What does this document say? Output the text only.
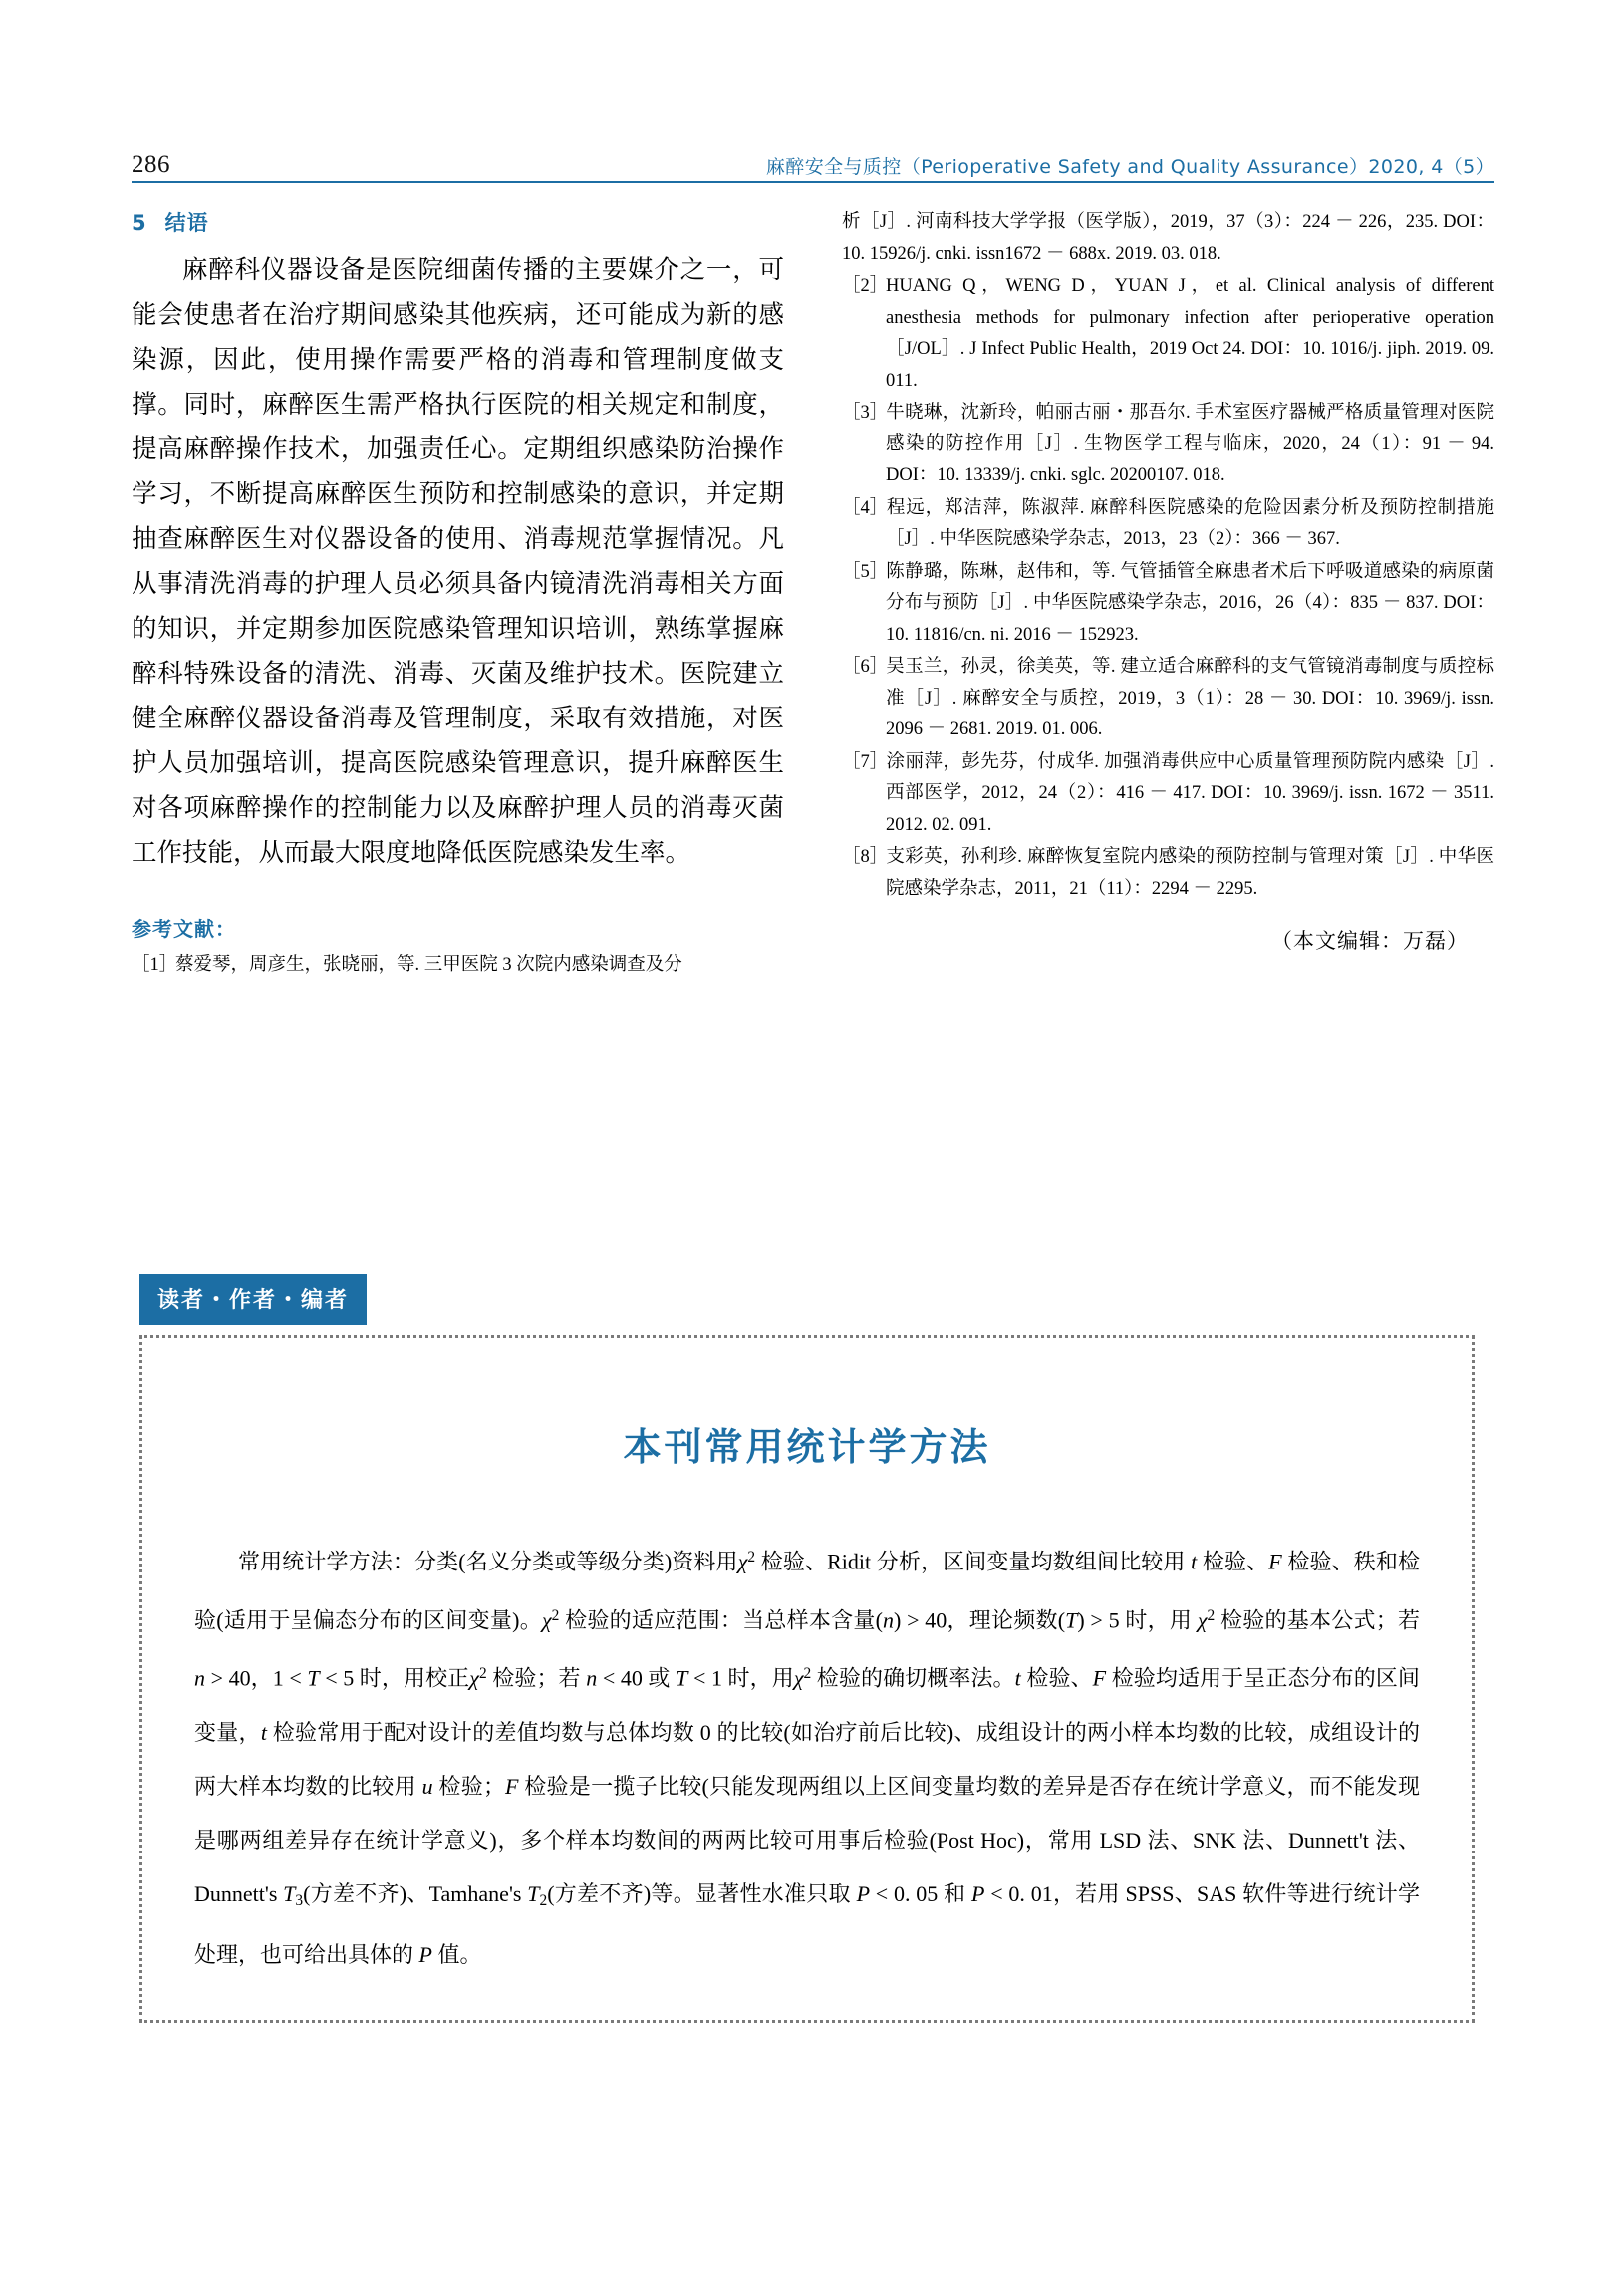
286	麻醉安全与质控（Perioperative Safety and Quality Assurance）2020, 4（5）
5 结语
麻醉科仪器设备是医院细菌传播的主要媒介之一，可能会使患者在治疗期间感染其他疾病，还可能成为新的感染源，因此，使用操作需要严格的消毒和管理制度做支撑。同时，麻醉医生需严格执行医院的相关规定和制度，提高麻醉操作技术，加强责任心。定期组织感染防治操作学习，不断提高麻醉医生预防和控制感染的意识，并定期抽查麻醉医生对仪器设备的使用、消毒规范掌握情况。凡从事清洗消毒的护理人员必须具备内镜清洗消毒相关方面的知识，并定期参加医院感染管理知识培训，熟练掌握麻醉科特殊设备的清洗、消毒、灭菌及维护技术。医院建立健全麻醉仪器设备消毒及管理制度，采取有效措施，对医护人员加强培训，提高医院感染管理意识，提升麻醉医生对各项麻醉操作的控制能力以及麻醉护理人员的消毒灭菌工作技能，从而最大限度地降低医院感染发生率。
参考文献：
［1］蔡爱琴，周彦生，张晓丽，等. 三甲医院 3 次院内感染调查及分
析［J］. 河南科技大学学报（医学版），2019，37（3）：224 － 226，235. DOI：10. 15926/j. cnki. issn1672 － 688x. 2019. 03. 018.
［2］HUANG Q，WENG D，YUAN J，et al. Clinical analysis of different anesthesia methods for pulmonary infection after perioperative operation［J/OL］. J Infect Public Health，2019 Oct 24. DOI：10. 1016/j. jiph. 2019. 09. 011.
［3］牛晓琳，沈新玲，帕丽古丽・那吾尔. 手术室医疗器械严格质量管理对医院感染的防控作用［J］. 生物医学工程与临床，2020，24（1）：91 － 94. DOI：10. 13339/j. cnki. sglc. 20200107. 018.
［4］程远，郑洁萍，陈淑萍. 麻醉科医院感染的危险因素分析及预防控制措施［J］. 中华医院感染学杂志，2013，23（2）：366 － 367.
［5］陈静璐，陈琳，赵伟和，等. 气管插管全麻患者术后下呼吸道感染的病原菌分布与预防［J］. 中华医院感染学杂志，2016，26（4）：835 － 837. DOI：10. 11816/cn. ni. 2016 － 152923.
［6］吴玉兰，孙灵，徐美英，等. 建立适合麻醉科的支气管镜消毒制度与质控标准［J］. 麻醉安全与质控，2019，3（1）：28 － 30. DOI：10. 3969/j. issn. 2096 － 2681. 2019. 01. 006.
［7］涂丽萍，彭先芬，付成华. 加强消毒供应中心质量管理预防院内感染［J］. 西部医学，2012，24（2）：416 － 417. DOI：10. 3969/j. issn. 1672 － 3511. 2012. 02. 091.
［8］支彩英，孙利珍. 麻醉恢复室院内感染的预防控制与管理对策［J］. 中华医院感染学杂志，2011，21（11）：2294 － 2295.
（本文编辑：万磊）
读者・作者・编者
本刊常用统计学方法
常用统计学方法：分类(名义分类或等级分类)资料用$\chi^2$ 检验、Ridit 分析，区间变量均数组间比较用 t 检验、F 检验、秩和检验(适用于呈偏态分布的区间变量)。$\chi^2$ 检验的适应范围：当总样本含量(n) > 40，理论频数(T) > 5 时，用 $\chi^2$ 检验的基本公式；若 n > 40，1 < T < 5 时，用校正$\chi^2$ 检验；若 n < 40 或 T < 1 时，用$\chi^2$ 检验的确切概率法。t 检验、F 检验均适用于呈正态分布的区间变量，t 检验常用于配对设计的差值均数与总体均数 0 的比较(如治疗前后比较)、成组设计的两小样本均数的比较，成组设计的两大样本均数的比较用 u 检验；F 检验是一揽子比较(只能发现两组以上区间变量均数的差异是否存在统计学意义，而不能发现是哪两组差异存在统计学意义)，多个样本均数间的两两比较可用事后检验(Post Hoc)，常用 LSD 法、SNK 法、Dunnett't 法、Dunnett's $T_3$(方差不齐)、Tamhane's $T_2$(方差不齐)等。显著性水准只取 P < 0. 05 和 P < 0. 01，若用 SPSS、SAS 软件等进行统计学处理，也可给出具体的 P 值。
